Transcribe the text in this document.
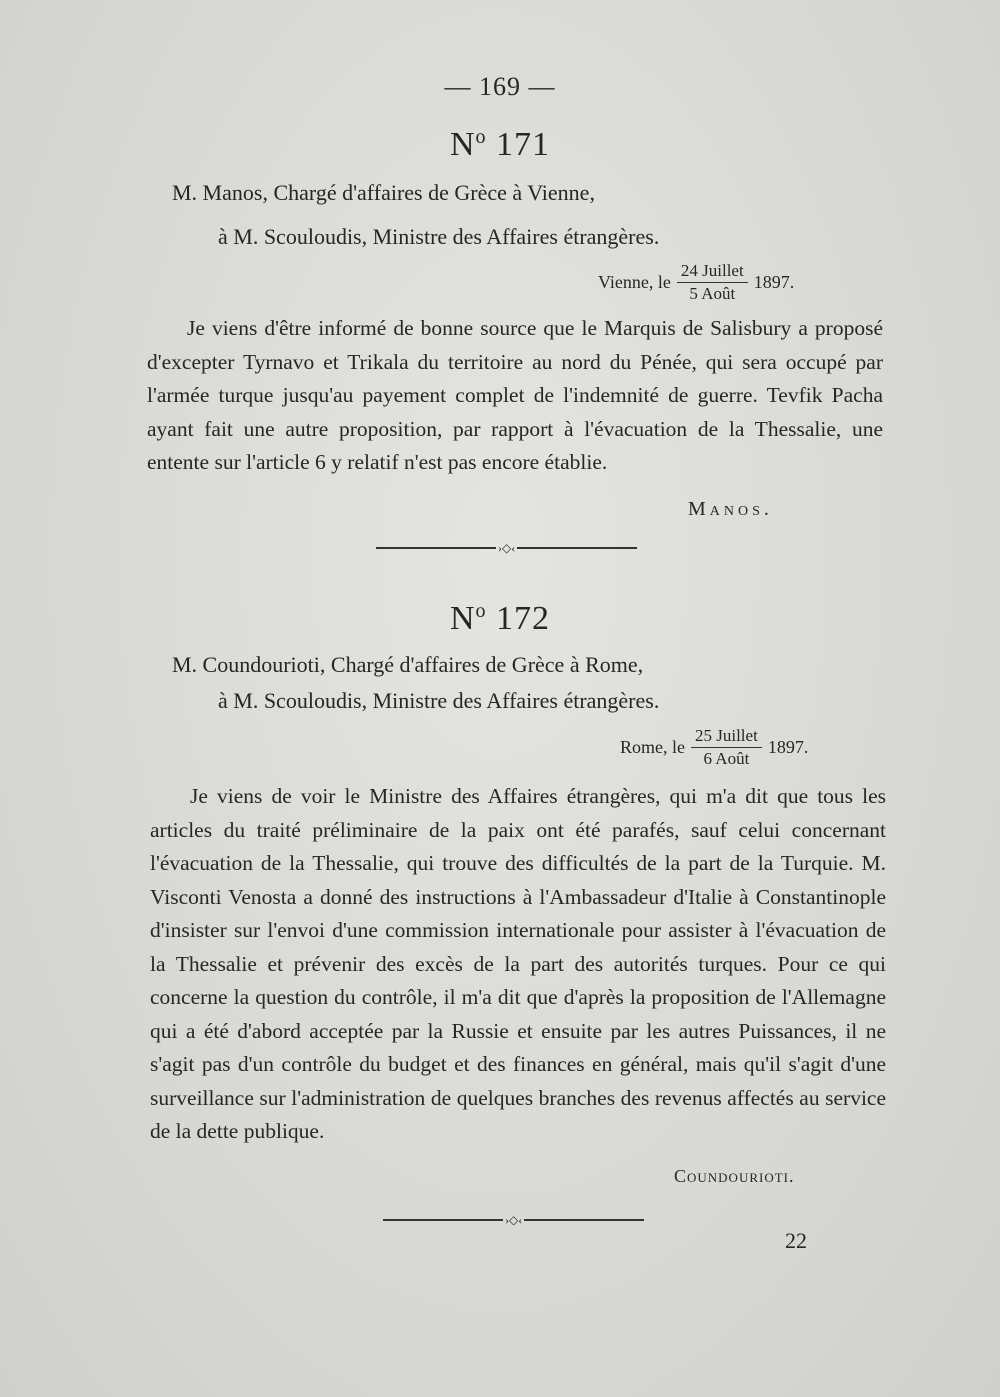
— 169 —
$N^o$ 171
M. Manos, Chargé d'affaires de Grèce à Vienne,
à M. Scouloudis, Ministre des Affaires étrangères.
Vienne, le $\frac{\text{24 Juillet}}{\text{5 Août}} 1897$.

Je viens d'être informé de bonne source que le Marquis de Salisbury a proposé d'excepter Tyrnavo et Trikala du territoire au nord du Pénée, qui sera occupé par l'armée turque jusqu'au payement complet de l'indemnité de guerre. Tevfik Pacha ayant fait une autre proposition, par rapport à l'évacuation de la Thessalie, une entente sur l'article 6 y relatif n'est pas encore établie.

Manos.
›◇‹
$N^o$ 172
M. Coundourioti, Chargé d'affaires de Grèce à Rome,
à M. Scouloudis, Ministre des Affaires étrangères.
Rome, le $\frac{\text{25 Juillet}}{\text{6 Août}} 1897$.

Je viens de voir le Ministre des Affaires étrangères, qui m'a dit que tous les articles du traité préliminaire de la paix ont été parafés, sauf celui concernant l'évacuation de la Thessalie, qui trouve des difficultés de la part de la Turquie. M. Visconti Venosta a donné des instructions à l'Ambassadeur d'Italie à Constantinople d'insister sur l'envoi d'une commission internationale pour assister à l'évacuation de la Thessalie et prévenir des excès de la part des autorités turques. Pour ce qui concerne la question du contrôle, il m'a dit que d'après la proposition de l'Allemagne qui a été d'abord acceptée par la Russie et ensuite par les autres Puissances, il ne s'agit pas d'un contrôle du budget et des finances en général, mais qu'il s'agit d'une surveillance sur l'administration de quelques branches des revenus affectés au service de la dette publique.

Coundourioti.
›◇‹
22
